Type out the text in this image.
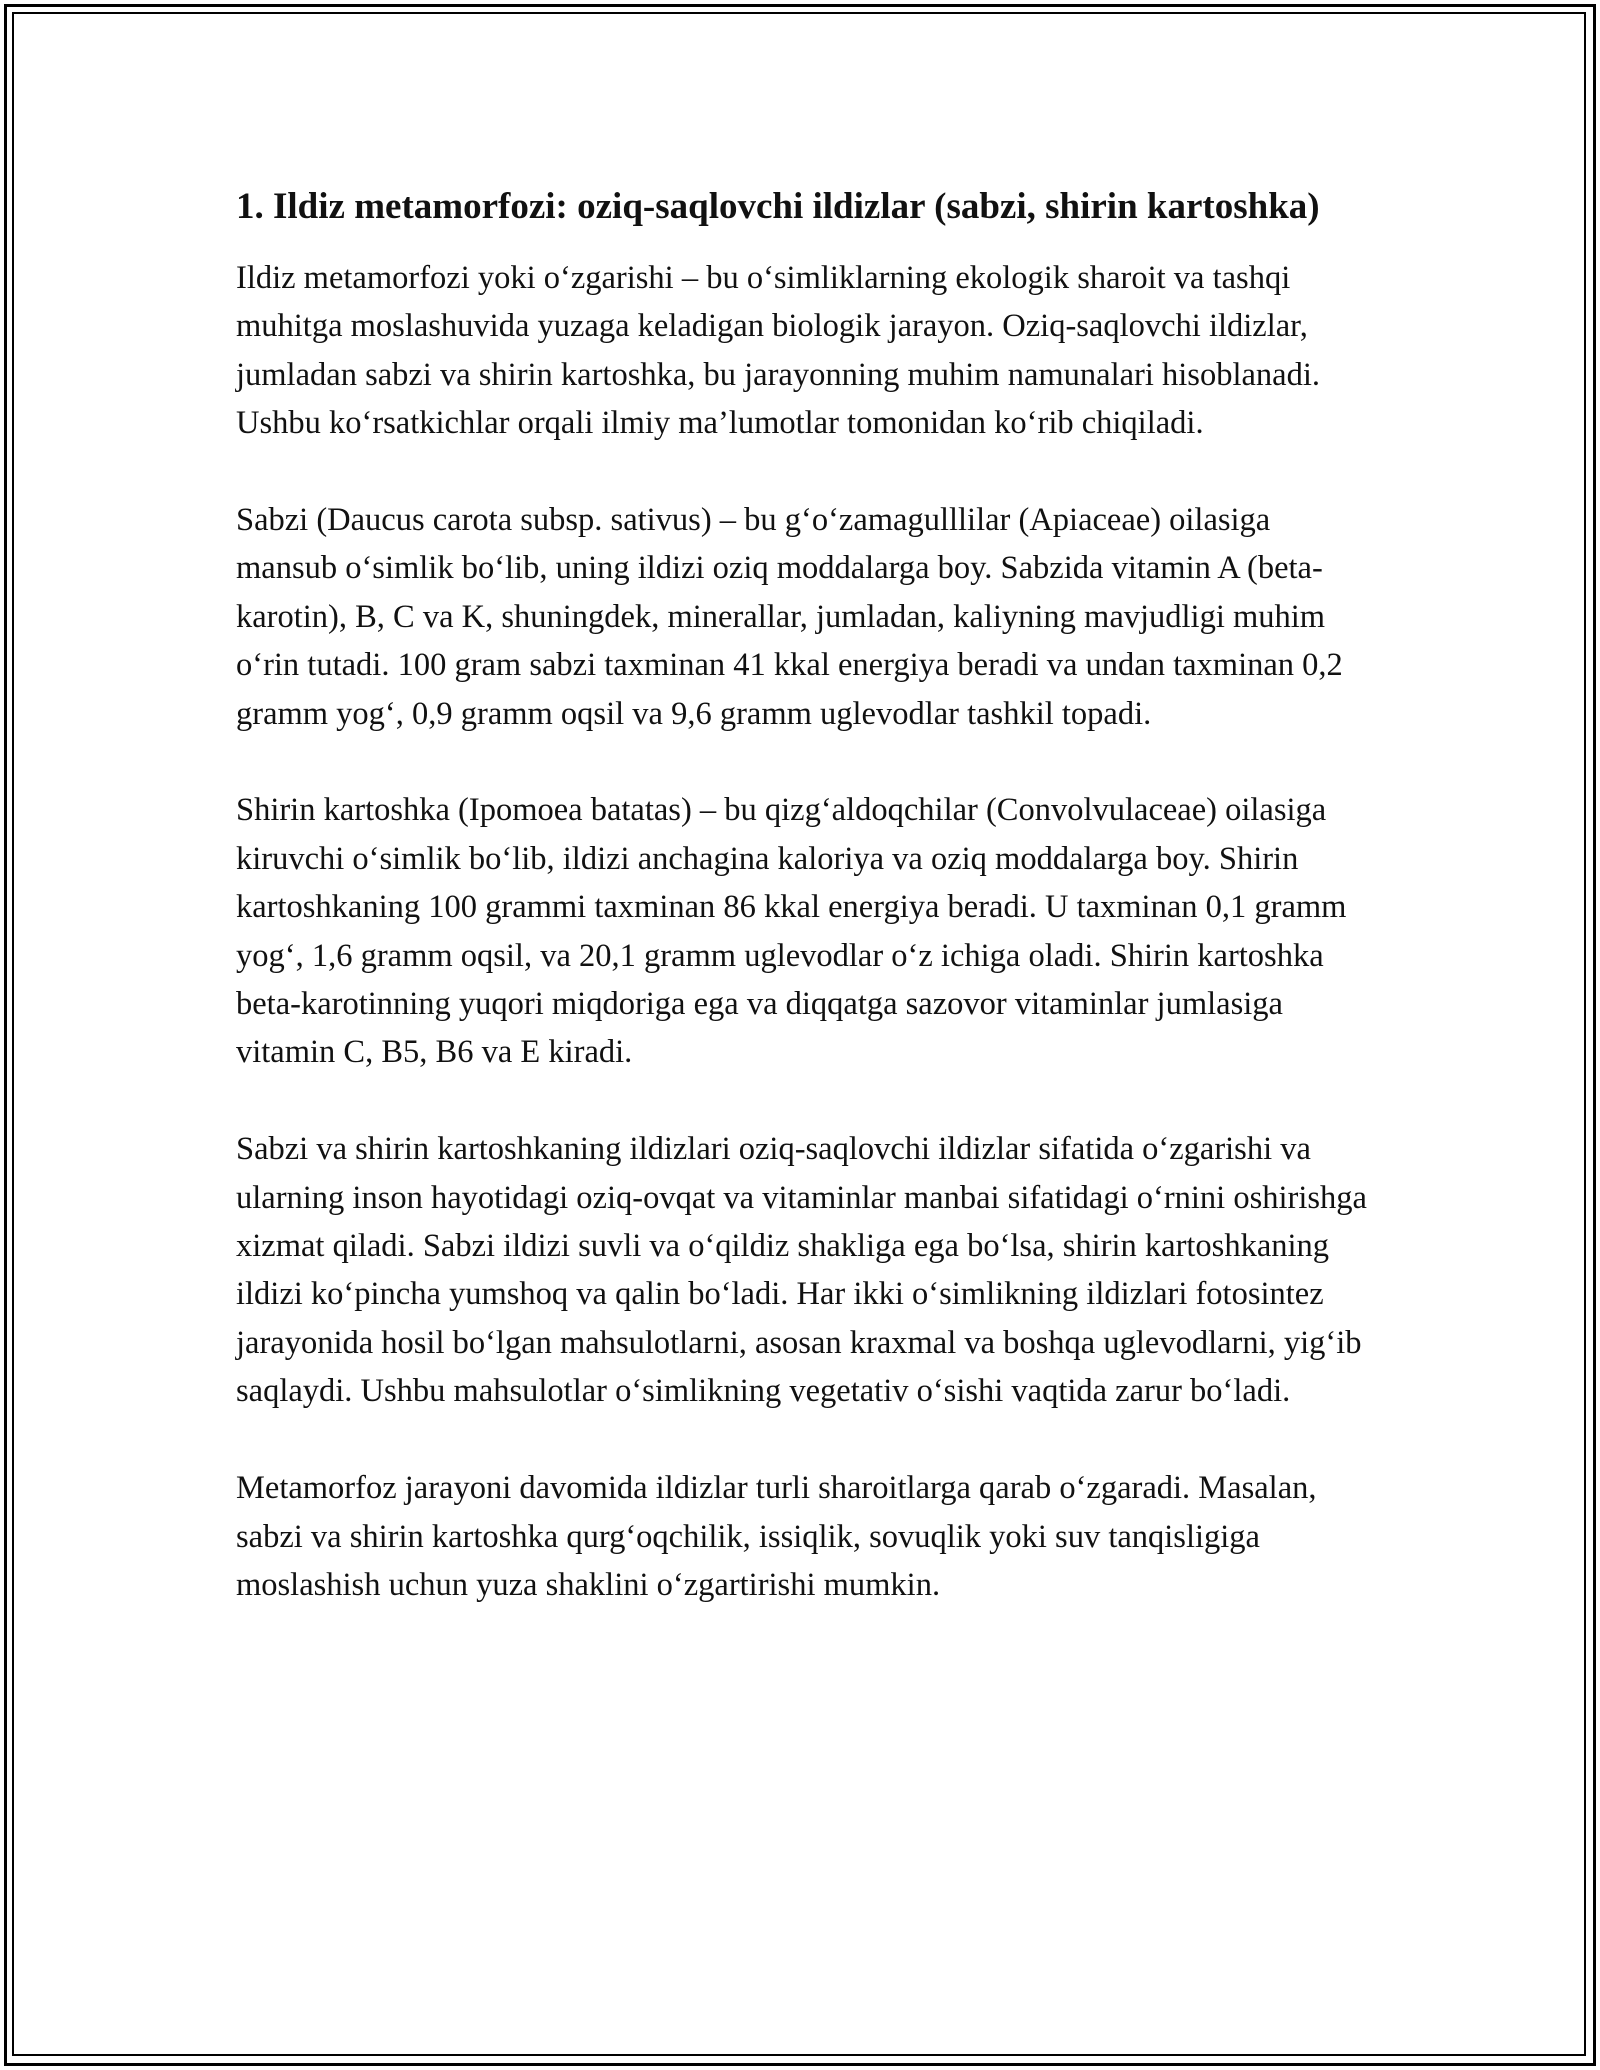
1. Ildiz metamorfozi: oziq-saqlovchi ildizlar (sabzi, shirin kartoshka)

Ildiz metamorfozi yoki o‘zgarishi – bu o‘simliklarning ekologik sharoit va tashqi muhitga moslashuvida yuzaga keladigan biologik jarayon. Oziq-saqlovchi ildizlar, jumladan sabzi va shirin kartoshka, bu jarayonning muhim namunalari hisoblanadi. Ushbu ko‘rsatkichlar orqali ilmiy ma’lumotlar tomonidan ko‘rib chiqiladi.

Sabzi (Daucus carota subsp. sativus) – bu g‘o‘zamagulllilar (Apiaceae) oilasiga mansub o‘simlik bo‘lib, uning ildizi oziq moddalarga boy. Sabzida vitamin A (beta-karotin), B, C va K, shuningdek, minerallar, jumladan, kaliyning mavjudligi muhim o‘rin tutadi. 100 gram sabzi taxminan 41 kkal energiya beradi va undan taxminan 0,2 gramm yog‘, 0,9 gramm oqsil va 9,6 gramm uglevodlar tashkil topadi.

Shirin kartoshka (Ipomoea batatas) – bu qizg‘aldoqchilar (Convolvulaceae) oilasiga kiruvchi o‘simlik bo‘lib, ildizi anchagina kaloriya va oziq moddalarga boy. Shirin kartoshkaning 100 grammi taxminan 86 kkal energiya beradi. U taxminan 0,1 gramm yog‘, 1,6 gramm oqsil, va 20,1 gramm uglevodlar o‘z ichiga oladi. Shirin kartoshka beta-karotinning yuqori miqdoriga ega va diqqatga sazovor vitaminlar jumlasiga vitamin C, B5, B6 va E kiradi.

Sabzi va shirin kartoshkaning ildizlari oziq-saqlovchi ildizlar sifatida o‘zgarishi va ularning inson hayotidagi oziq-ovqat va vitaminlar manbai sifatidagi o‘rnini oshirishga xizmat qiladi. Sabzi ildizi suvli va o‘qildiz shakliga ega bo‘lsa, shirin kartoshkaning ildizi ko‘pincha yumshoq va qalin bo‘ladi. Har ikki o‘simlikning ildizlari fotosintez jarayonida hosil bo‘lgan mahsulotlarni, asosan kraxmal va boshqa uglevodlarni, yig‘ib saqlaydi. Ushbu mahsulotlar o‘simlikning vegetativ o‘sishi vaqtida zarur bo‘ladi.

Metamorfoz jarayoni davomida ildizlar turli sharoitlarga qarab o‘zgaradi. Masalan, sabzi va shirin kartoshka qurg‘oqchilik, issiqlik, sovuqlik yoki suv tanqisligiga moslashish uchun yuza shaklini o‘zgartirishi mumkin.
